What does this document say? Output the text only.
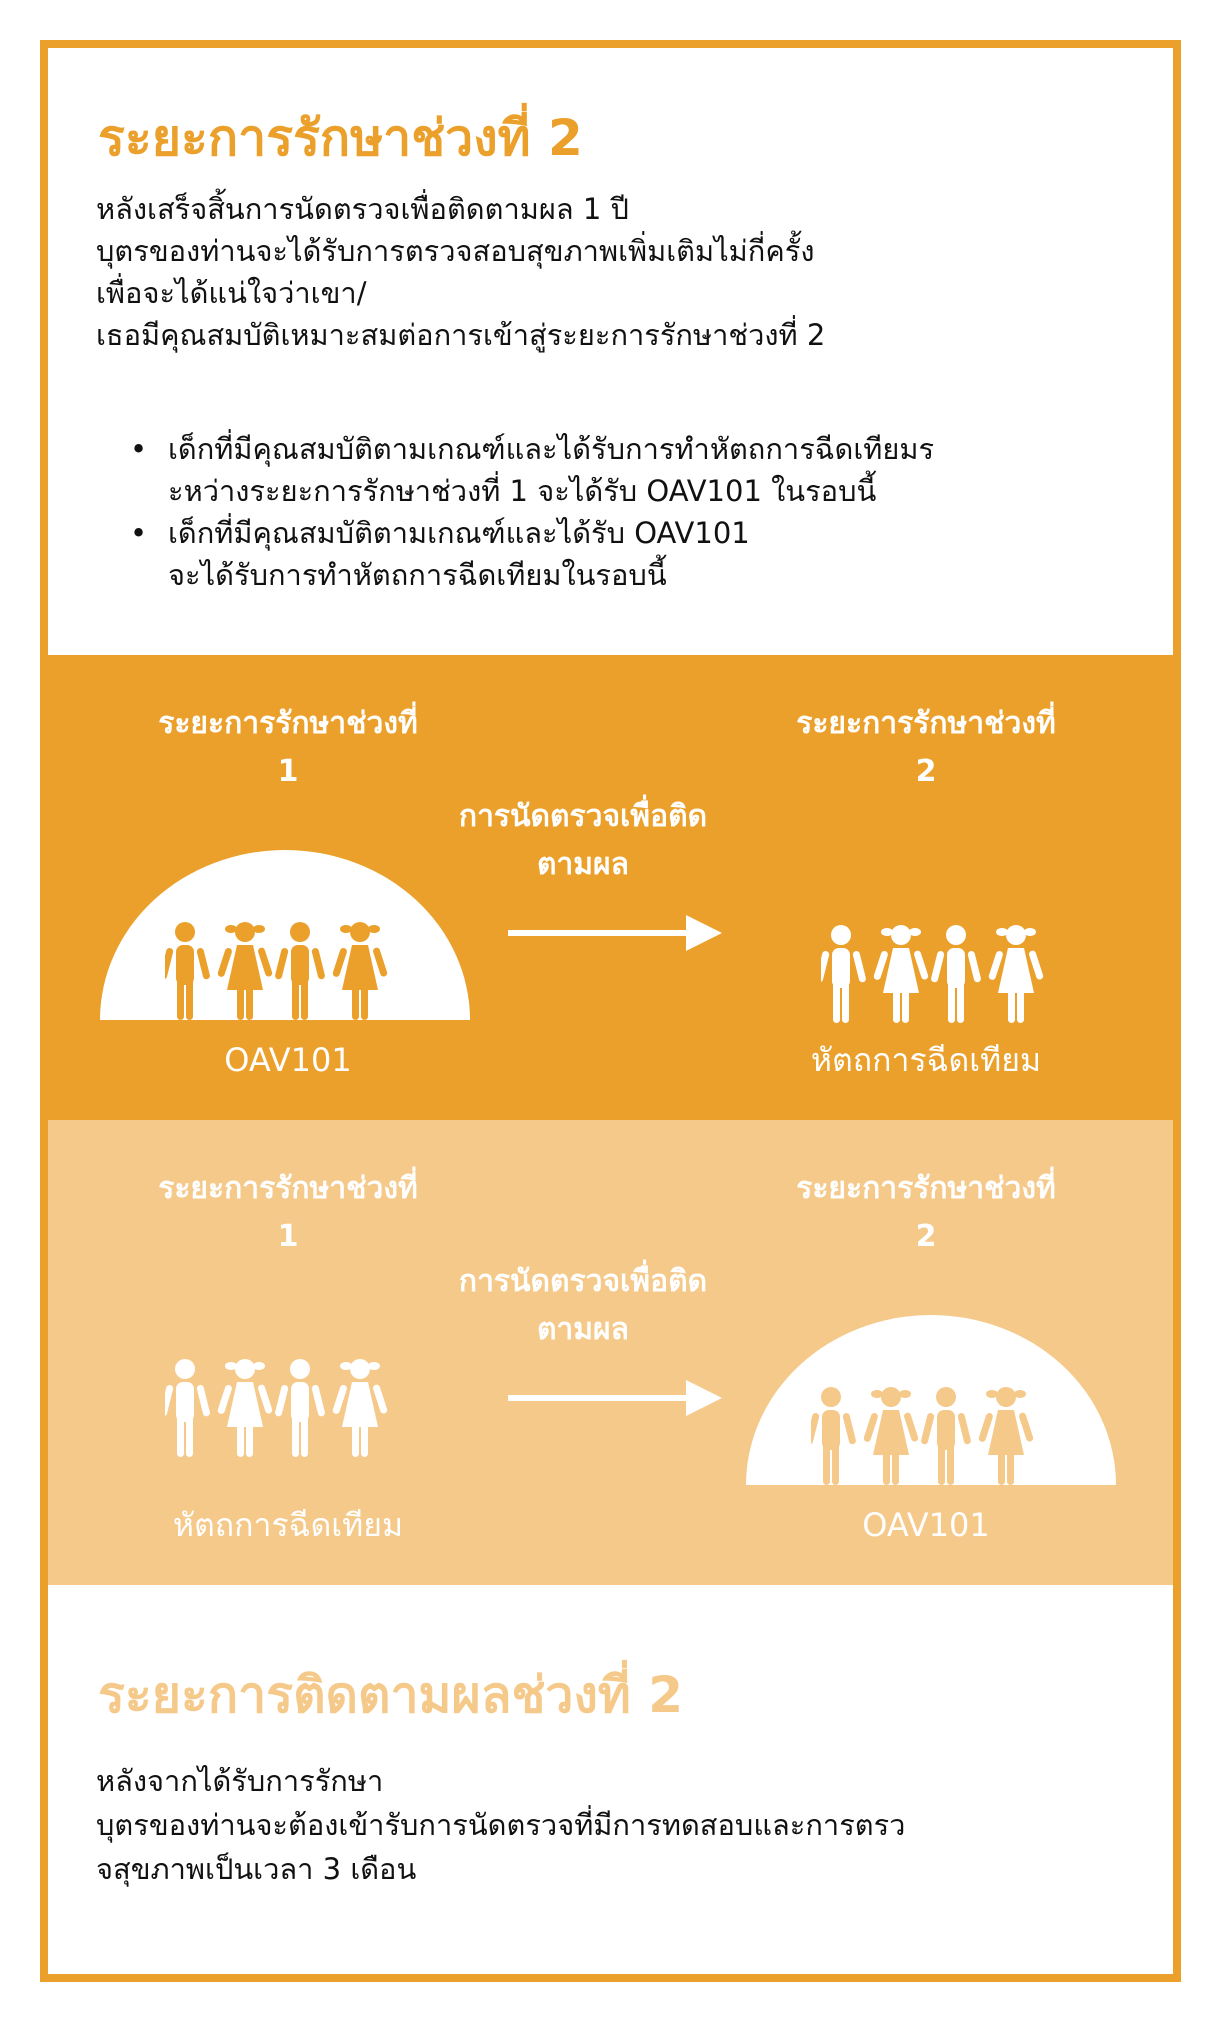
ระยะการรักษาช่วงที่ 2

หลังเสร็จสิ้นการนัดตรวจเพื่อติดตามผล 1 ปี
บุตรของท่านจะได้รับการตรวจสอบสุขภาพเพิ่มเติมไม่กี่ครั้ง
เพื่อจะได้แน่ใจว่าเขา/
เธอมีคุณสมบัติเหมาะสมต่อการเข้าสู่ระยะการรักษาช่วงที่ 2

• เด็กที่มีคุณสมบัติตามเกณฑ์และได้รับการทำหัตถการฉีดเทียมร
ะหว่างระยะการรักษาช่วงที่ 1 จะได้รับ OAV101 ในรอบนี้
• เด็กที่มีคุณสมบัติตามเกณฑ์และได้รับ OAV101
จะได้รับการทำหัตถการฉีดเทียมในรอบนี้
ระยะการรักษาช่วงที่
1
การนัดตรวจเพื่อติด
ตามผล
ระยะการรักษาช่วงที่
2
OAV101	หัตถการฉีดเทียม
ระยะการรักษาช่วงที่
1
การนัดตรวจเพื่อติด
ตามผล
ระยะการรักษาช่วงที่
2
หัตถการฉีดเทียม	OAV101
ระยะการติดตามผลช่วงที่ 2

หลังจากได้รับการรักษา
บุตรของท่านจะต้องเข้ารับการนัดตรวจที่มีการทดสอบและการตรว
จสุขภาพเป็นเวลา 3 เดือน
